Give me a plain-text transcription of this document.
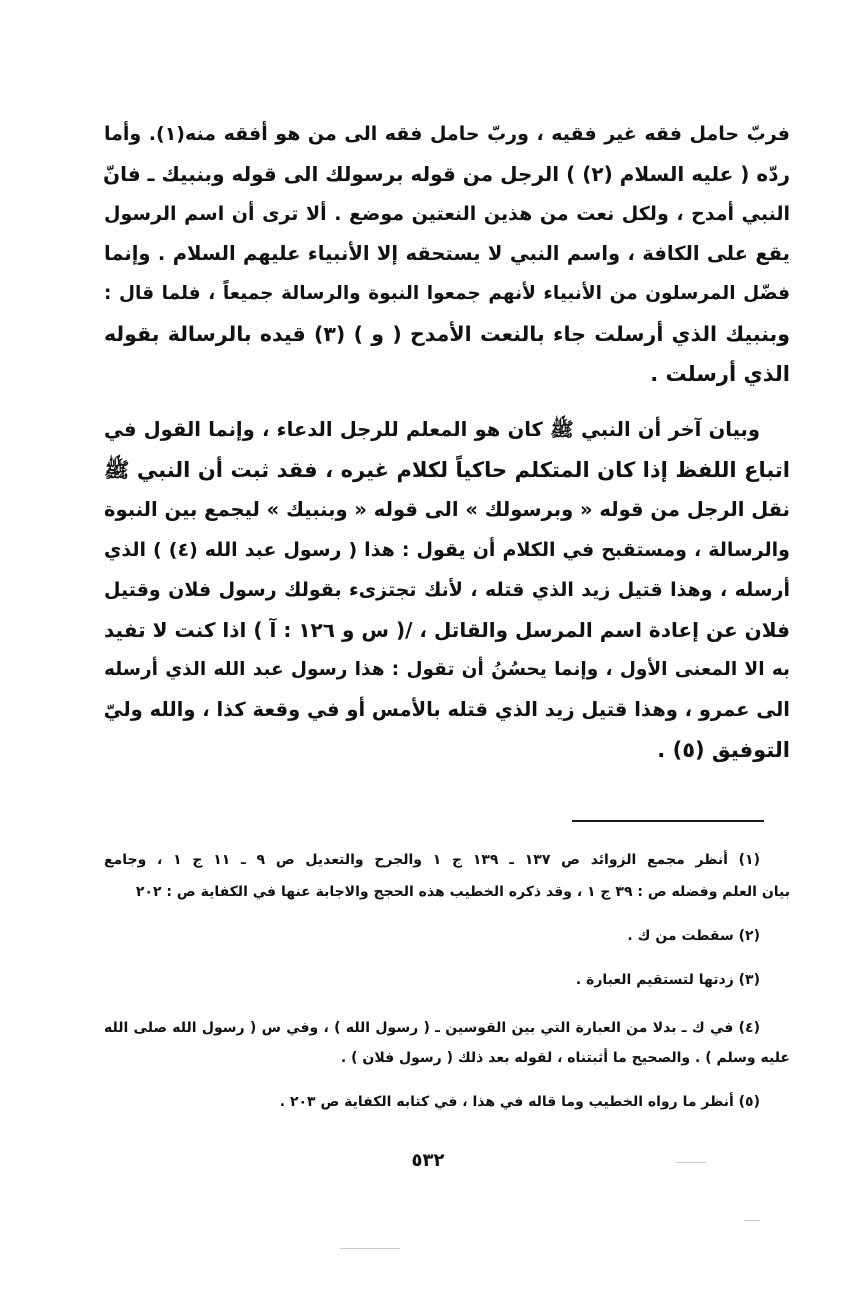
فربّ حامل فقه غير فقيه ، وربّ حامل فقه الى من هو أفقه منه(١). وأما
ردّه ( عليه السلام (٢) ) الرجل من قوله برسولك الى قوله وبنبيك ـ فانّ
النبي أمدح ، ولكل نعت من هذين النعتين موضع . ألا ترى أن اسم الرسول
يقع على الكافة ، واسم النبي لا يستحقه إلا الأنبياء عليهم السلام . وإنما
فضّل المرسلون من الأنبياء لأنهم جمعوا النبوة والرسالة جميعاً ، فلما قال :
وبنبيك الذي أرسلت جاء بالنعت الأمدح ( و ) (٣) قيده بالرسالة بقوله
الذي أرسلت .
وبيان آخر أن النبي ﷺ كان هو المعلم للرجل الدعاء ، وإنما القول في
اتباع اللفظ إذا كان المتكلم حاكياً لكلام غيره ، فقد ثبت أن النبي ﷺ
نقل الرجل من قوله « وبرسولك » الى قوله « وبنبيك » ليجمع بين النبوة
والرسالة ، ومستقبح في الكلام أن يقول : هذا ( رسول عبد الله (٤) ) الذي
أرسله ، وهذا قتيل زيد الذي قتله ، لأنك تجتزىء بقولك رسول فلان وقتيل
فلان عن إعادة اسم المرسل والقاتل ، /( س و ١٢٦ : آ ) اذا كنت لا تفيد
به الا المعنى الأول ، وإنما يحسُنُ أن تقول : هذا رسول عبد الله الذي أرسله
الى عمرو ، وهذا قتيل زيد الذي قتله بالأمس أو في وقعة كذا ، والله وليّ
التوفيق (٥) .
(١) أنظر مجمع الزوائد ص ١٣٧ ـ ١٣٩ ج ١ والجرح والتعديل ص ٩ ـ ١١ ج ١ ، وجامع
بيان العلم وفضله ص : ٣٩ ج ١ ، وقد ذكره الخطيب هذه الحجج والاجابة عنها في الكفاية ص : ٢٠٢
(٢) سقطت من ك .
(٣) زدتها لتستقيم العبارة .
(٤) في ك ـ بدلا من العبارة التي بين القوسين ـ ( رسول الله ) ، وفي س ( رسول الله صلى الله
عليه وسلم ) . والصحيح ما أثبتناه ، لقوله بعد ذلك ( رسول فلان ) .
(٥) أنظر ما رواه الخطيب وما قاله في هذا ، في كتابه الكفاية ص ٢٠٣ .
٥٣٢
